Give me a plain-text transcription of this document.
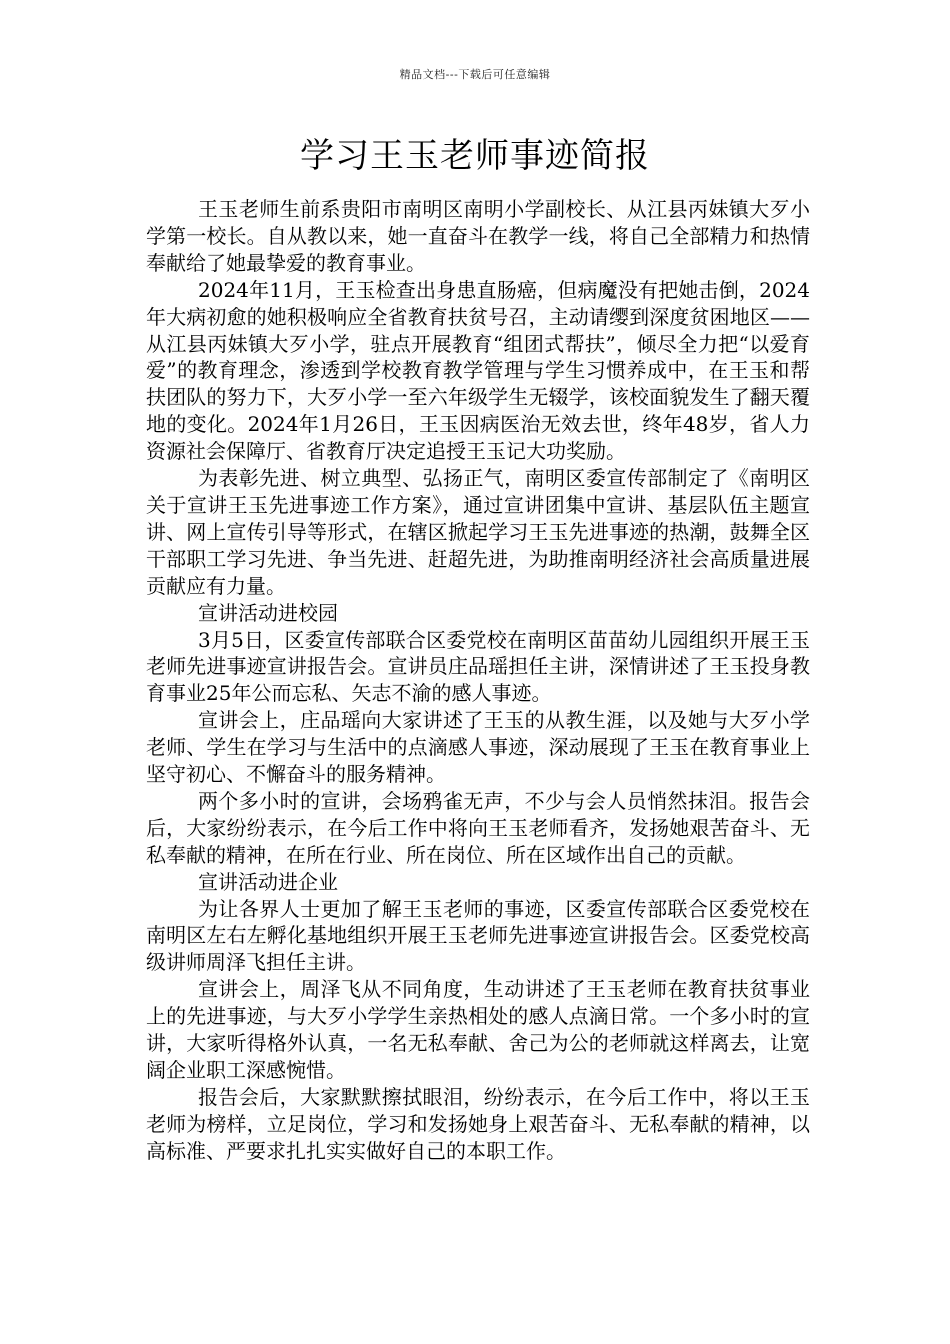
精品文档---下载后可任意编辑
学习王玉老师事迹简报

王玉老师生前系贵阳市南明区南明小学副校长、从江县丙妹镇大歹小学第一校长。自从教以来，她一直奋斗在教学一线，将自己全部精力和热情奉献给了她最挚爱的教育事业。

2024年11月，王玉检查出身患直肠癌，但病魔没有把她击倒，2024年大病初愈的她积极响应全省教育扶贫号召，主动请缨到深度贫困地区——从江县丙妹镇大歹小学，驻点开展教育“组团式帮扶”，倾尽全力把“以爱育爱”的教育理念，渗透到学校教育教学管理与学生习惯养成中，在王玉和帮扶团队的努力下，大歹小学一至六年级学生无辍学，该校面貌发生了翻天覆地的变化。2024年1月26日，王玉因病医治无效去世，终年48岁，省人力资源社会保障厅、省教育厅决定追授王玉记大功奖励。

为表彰先进、树立典型、弘扬正气，南明区委宣传部制定了《南明区关于宣讲王玉先进事迹工作方案》，通过宣讲团集中宣讲、基层队伍主题宣讲、网上宣传引导等形式，在辖区掀起学习王玉先进事迹的热潮，鼓舞全区干部职工学习先进、争当先进、赶超先进，为助推南明经济社会高质量进展贡献应有力量。

宣讲活动进校园

3月5日，区委宣传部联合区委党校在南明区苗苗幼儿园组织开展王玉老师先进事迹宣讲报告会。宣讲员庄品瑶担任主讲，深情讲述了王玉投身教育事业25年公而忘私、矢志不渝的感人事迹。

宣讲会上，庄品瑶向大家讲述了王玉的从教生涯，以及她与大歹小学老师、学生在学习与生活中的点滴感人事迹，深动展现了王玉在教育事业上坚守初心、不懈奋斗的服务精神。

两个多小时的宣讲，会场鸦雀无声，不少与会人员悄然抹泪。报告会后，大家纷纷表示，在今后工作中将向王玉老师看齐，发扬她艰苦奋斗、无私奉献的精神，在所在行业、所在岗位、所在区域作出自己的贡献。

宣讲活动进企业

为让各界人士更加了解王玉老师的事迹，区委宣传部联合区委党校在南明区左右左孵化基地组织开展王玉老师先进事迹宣讲报告会。区委党校高级讲师周泽飞担任主讲。

宣讲会上，周泽飞从不同角度，生动讲述了王玉老师在教育扶贫事业上的先进事迹，与大歹小学学生亲热相处的感人点滴日常。一个多小时的宣讲，大家听得格外认真，一名无私奉献、舍己为公的老师就这样离去，让宽阔企业职工深感惋惜。

报告会后，大家默默擦拭眼泪，纷纷表示，在今后工作中，将以王玉老师为榜样，立足岗位，学习和发扬她身上艰苦奋斗、无私奉献的精神，以高标准、严要求扎扎实实做好自己的本职工作。
